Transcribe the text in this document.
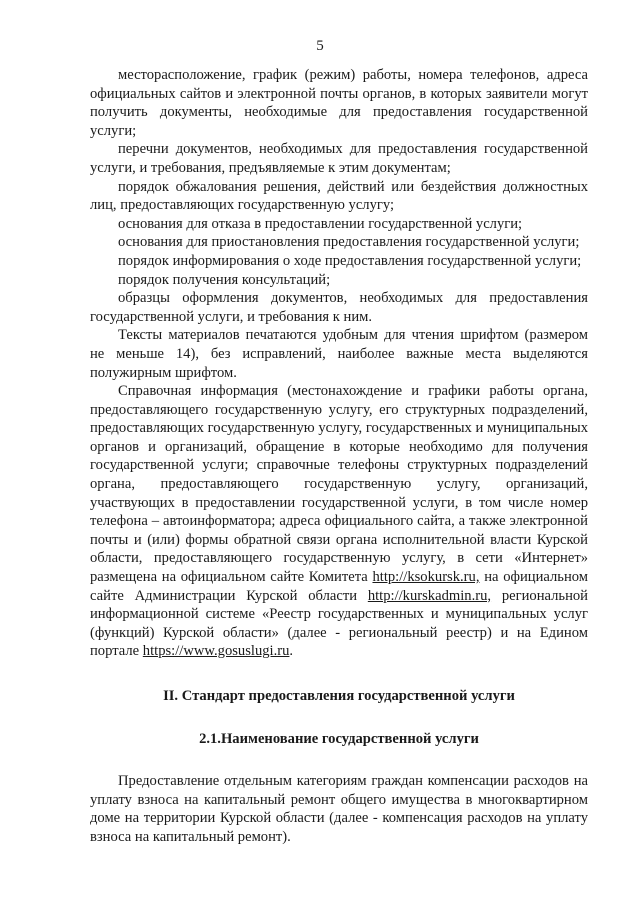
5

месторасположение, график (режим) работы, номера телефонов, адреса официальных сайтов и электронной почты органов, в которых заявители могут получить документы, необходимые для предоставления государственной услуги;

перечни документов, необходимых для предоставления государственной услуги, и требования, предъявляемые к этим документам;

порядок обжалования решения, действий или бездействия должностных лиц, предоставляющих государственную услугу;

основания для отказа в предоставлении государственной услуги;

основания для приостановления предоставления государственной услуги;

порядок информирования о ходе предоставления государственной услуги;

порядок получения консультаций;

образцы оформления документов, необходимых для предоставления государственной услуги, и требования к ним.

Тексты материалов печатаются удобным для чтения шрифтом (размером не меньше 14), без исправлений, наиболее важные места выделяются полужирным шрифтом.

Справочная информация (местонахождение и графики работы органа, предоставляющего государственную услугу, его структурных подразделений, предоставляющих государственную услугу, государственных и муниципальных органов и организаций, обращение в которые необходимо для получения государственной услуги; справочные телефоны структурных подразделений органа, предоставляющего государственную услугу, организаций, участвующих в предоставлении государственной услуги, в том числе номер телефона – автоинформатора; адреса официального сайта, а также электронной почты и (или) формы обратной связи органа исполнительной власти Курской области, предоставляющего государственную услугу, в сети «Интернет» размещена на официальном сайте Комитета http://ksokursk.ru, на официальном сайте Администрации Курской области http://kurskadmin.ru, региональной информационной системе «Реестр государственных и муниципальных услуг (функций) Курской области» (далее - региональный реестр) и на Едином портале https://www.gosuslugi.ru.

II. Стандарт предоставления государственной услуги
2.1.Наименование государственной услуги

Предоставление отдельным категориям граждан компенсации расходов на уплату взноса на капитальный ремонт общего имущества в многоквартирном доме на территории Курской области (далее - компенсация расходов на уплату взноса на капитальный ремонт).
